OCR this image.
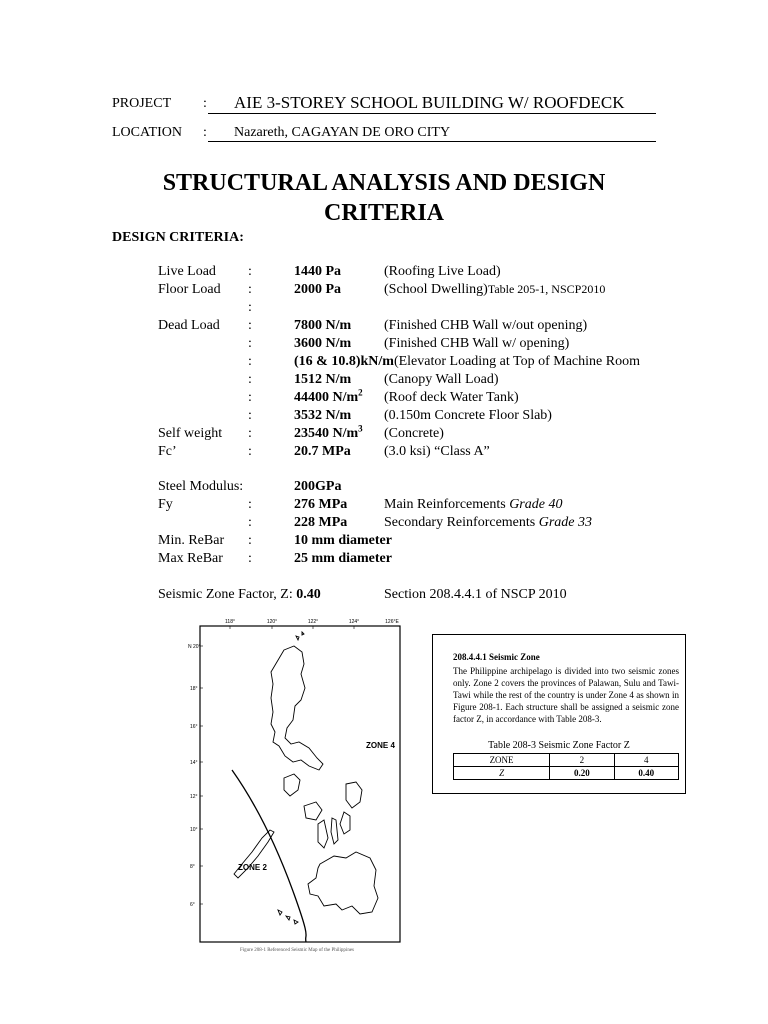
PROJECT : AIE 3-STOREY SCHOOL BUILDING W/ ROOFDECK
LOCATION : Nazareth, CAGAYAN DE ORO CITY
STRUCTURAL ANALYSIS AND DESIGN CRITERIA
DESIGN CRITERIA:
Live Load :	1440 Pa	(Roofing Live Load)
Floor Load :	2000 Pa	(School Dwelling)Table 205-1, NSCP2010
:
Dead Load :	7800 N/m (Finished CHB Wall w/out opening)
:	3600 N/m (Finished CHB Wall w/ opening)
:	(16 & 10.8)kN/m(Elevator Loading at Top of Machine Room
:	1512 N/m (Canopy Wall Load)
:	44400 $N/m^2$ (Roof deck Water Tank)
:	3532 N/m (0.150m Concrete Floor Slab)
Self weight :	23540 $N/m^3$ (Concrete)
Fc’	:	20.7 MPa (3.0 ksi) “Class A”
Steel Modulus:	200GPa
Fy	:	276 MPa	Main Reinforcements Grade 40
:	228 MPa	Secondary Reinforcements Grade 33
Min. ReBar :	10 mm diameter
Max ReBar :	25 mm diameter
Seismic Zone Factor, Z: 0.40	Section 208.4.4.1 of NSCP 2010
118°	120°	122°	124°	126°E
N 20°
18°
16°
14°
12°
10°
8°
6°
ZONE 4
ZONE 2
Figure 208-1 Referenced Seismic Map of the Philippines
208.4.4.1 Seismic Zone
The Philippine archipelago is divided into two seismic zones only. Zone 2 covers the provinces of Palawan, Sulu and Tawi-Tawi while the rest of the country is under Zone 4 as shown in Figure 208-1. Each structure shall be assigned a seismic zone factor Z, in accordance with Table 208-3.
Table 208-3 Seismic Zone Factor Z
ZONE	2	4
Z	0.20	0.40
